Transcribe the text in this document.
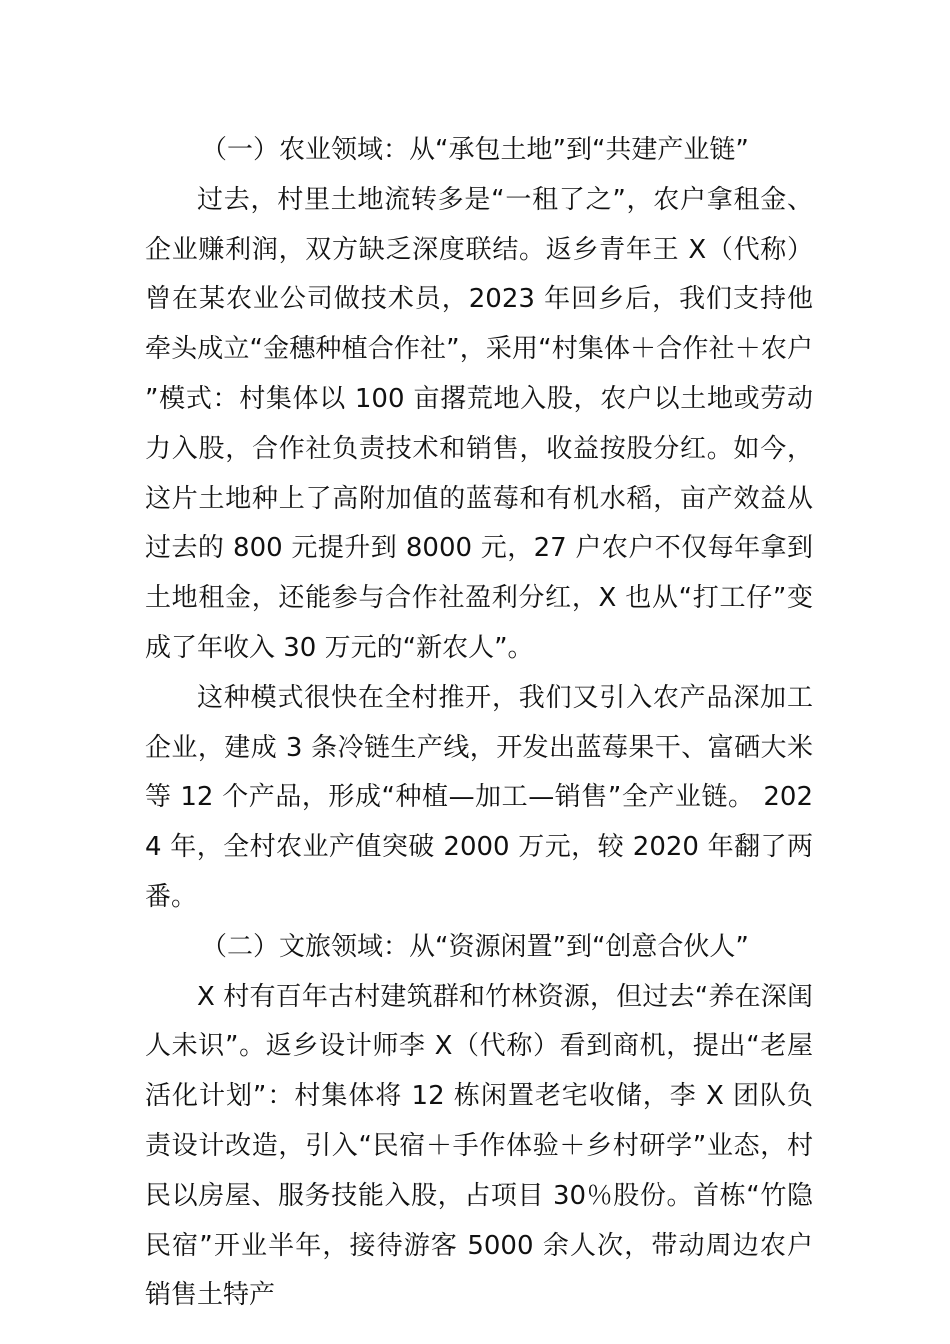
（一）农业领域：从“承包土地”到“共建产业链”

过去，村里土地流转多是“一租了之”，农户拿租金、企业赚利润，双方缺乏深度联结。返乡青年王 X（代称）曾在某农业公司做技术员，2023 年回乡后，我们支持他牵头成立“金穗种植合作社”，采用“村集体＋合作社＋农户”模式：村集体以 100 亩撂荒地入股，农户以土地或劳动力入股，合作社负责技术和销售，收益按股分红。如今，这片土地种上了高附加值的蓝莓和有机水稻，亩产效益从过去的 800 元提升到 8000 元，27 户农户不仅每年拿到土地租金，还能参与合作社盈利分红，X 也从“打工仔”变成了年收入 30 万元的“新农人”。

这种模式很快在全村推开，我们又引入农产品深加工企业，建成 3 条冷链生产线，开发出蓝莓果干、富硒大米等 12 个产品，形成“种植—加工—销售”全产业链。 2024 年，全村农业产值突破 2000 万元，较 2020 年翻了两番。

（二）文旅领域：从“资源闲置”到“创意合伙人”

X 村有百年古村建筑群和竹林资源，但过去“养在深闺人未识”。返乡设计师李 X（代称）看到商机，提出“老屋活化计划”：村集体将 12 栋闲置老宅收储，李 X 团队负责设计改造，引入“民宿＋手作体验＋乡村研学”业态，村民以房屋、服务技能入股，占项目 30％股份。首栋“竹隐民宿”开业半年，接待游客 5000 余人次，带动周边农户销售土特产
